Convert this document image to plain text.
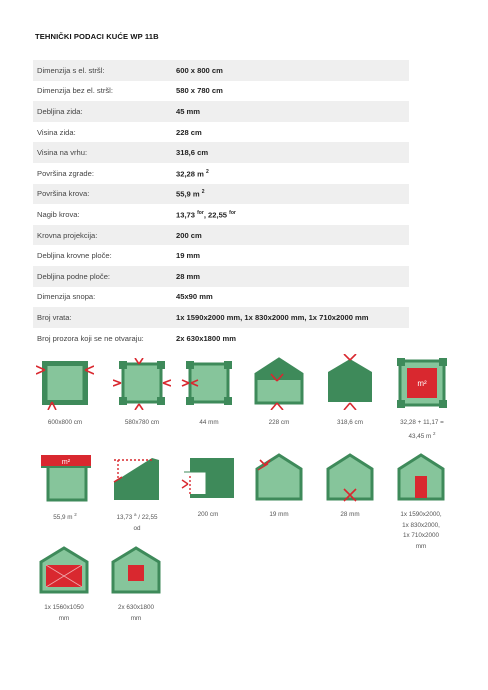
TEHNIČKI PODACI KUĆE WP 11B
Dimenzija s el. stršl:	600 x 800 cm
Dimenzija bez el. stršl:	580 x 780 cm
Debljina zida:	45 mm
Visina zida:	228 cm
Visina na vrhu:	318,6 cm
Površina zgrade:	32,28 m $^2$
Površina krova:	55,9 m $^2$
Nagib krova:	13,73 $^{for}$, 22,55 $^{for}$
Krovna projekcija:	200 cm
Debljina krovne ploče:	19 mm
Debljina podne ploče:	28 mm
Dimenzija snopa:	45x90 mm
Broj vrata:	1x 1590x2000 mm, 1x 830x2000 mm, 1x 710x2000 mm
Broj prozora koji se ne otvaraju:	2x 630x1800 mm
m²
600x800 cm	580x780 cm	44 mm	228 cm	318,6 cm	32,28 + 11,17 =
43,45 m $^2$
m²
55,9 m $^2$	13,73 $^a$ / 22,55
od
200 cm	19 mm	28 mm	1x 1590x2000,
1x 830x2000,
1x 710x2000
mm
1x 1560x1050
mm
2x 630x1800
mm
